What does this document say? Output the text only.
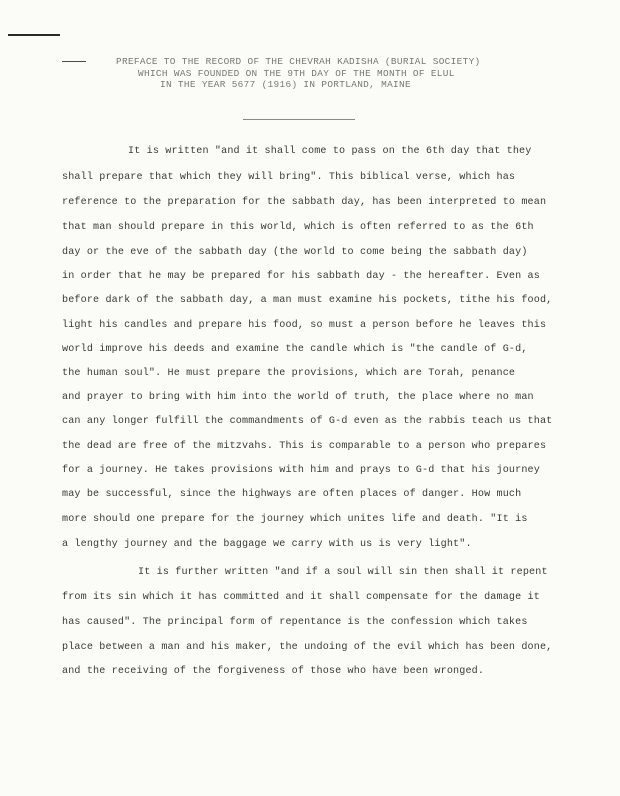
PREFACE TO THE RECORD OF THE CHEVRAH KADISHA (BURIAL SOCIETY)
WHICH WAS FOUNDED ON THE 9TH DAY OF THE MONTH OF ELUL
IN THE YEAR 5677 (1916) IN PORTLAND, MAINE
It is written "and it shall come to pass on the 6th day that they
shall prepare that which they will bring". This biblical verse, which has
reference to the preparation for the sabbath day, has been interpreted to mean
that man should prepare in this world, which is often referred to as the 6th
day or the eve of the sabbath day (the world to come being the sabbath day)
in order that he may be prepared for his sabbath day - the hereafter. Even as
before dark of the sabbath day, a man must examine his pockets, tithe his food,
light his candles and prepare his food, so must a person before he leaves this
world improve his deeds and examine the candle which is "the candle of G-d,
the human soul". He must prepare the provisions, which are Torah, penance
and prayer to bring with him into the world of truth, the place where no man
can any longer fulfill the commandments of G-d even as the rabbis teach us that
the dead are free of the mitzvahs. This is comparable to a person who prepares
for a journey. He takes provisions with him and prays to G-d that his journey
may be successful, since the highways are often places of danger. How much
more should one prepare for the journey which unites life and death. "It is
a lengthy journey and the baggage we carry with us is very light".
It is further written "and if a soul will sin then shall it repent
from its sin which it has committed and it shall compensate for the damage it
has caused". The principal form of repentance is the confession which takes
place between a man and his maker, the undoing of the evil which has been done,
and the receiving of the forgiveness of those who have been wronged.
